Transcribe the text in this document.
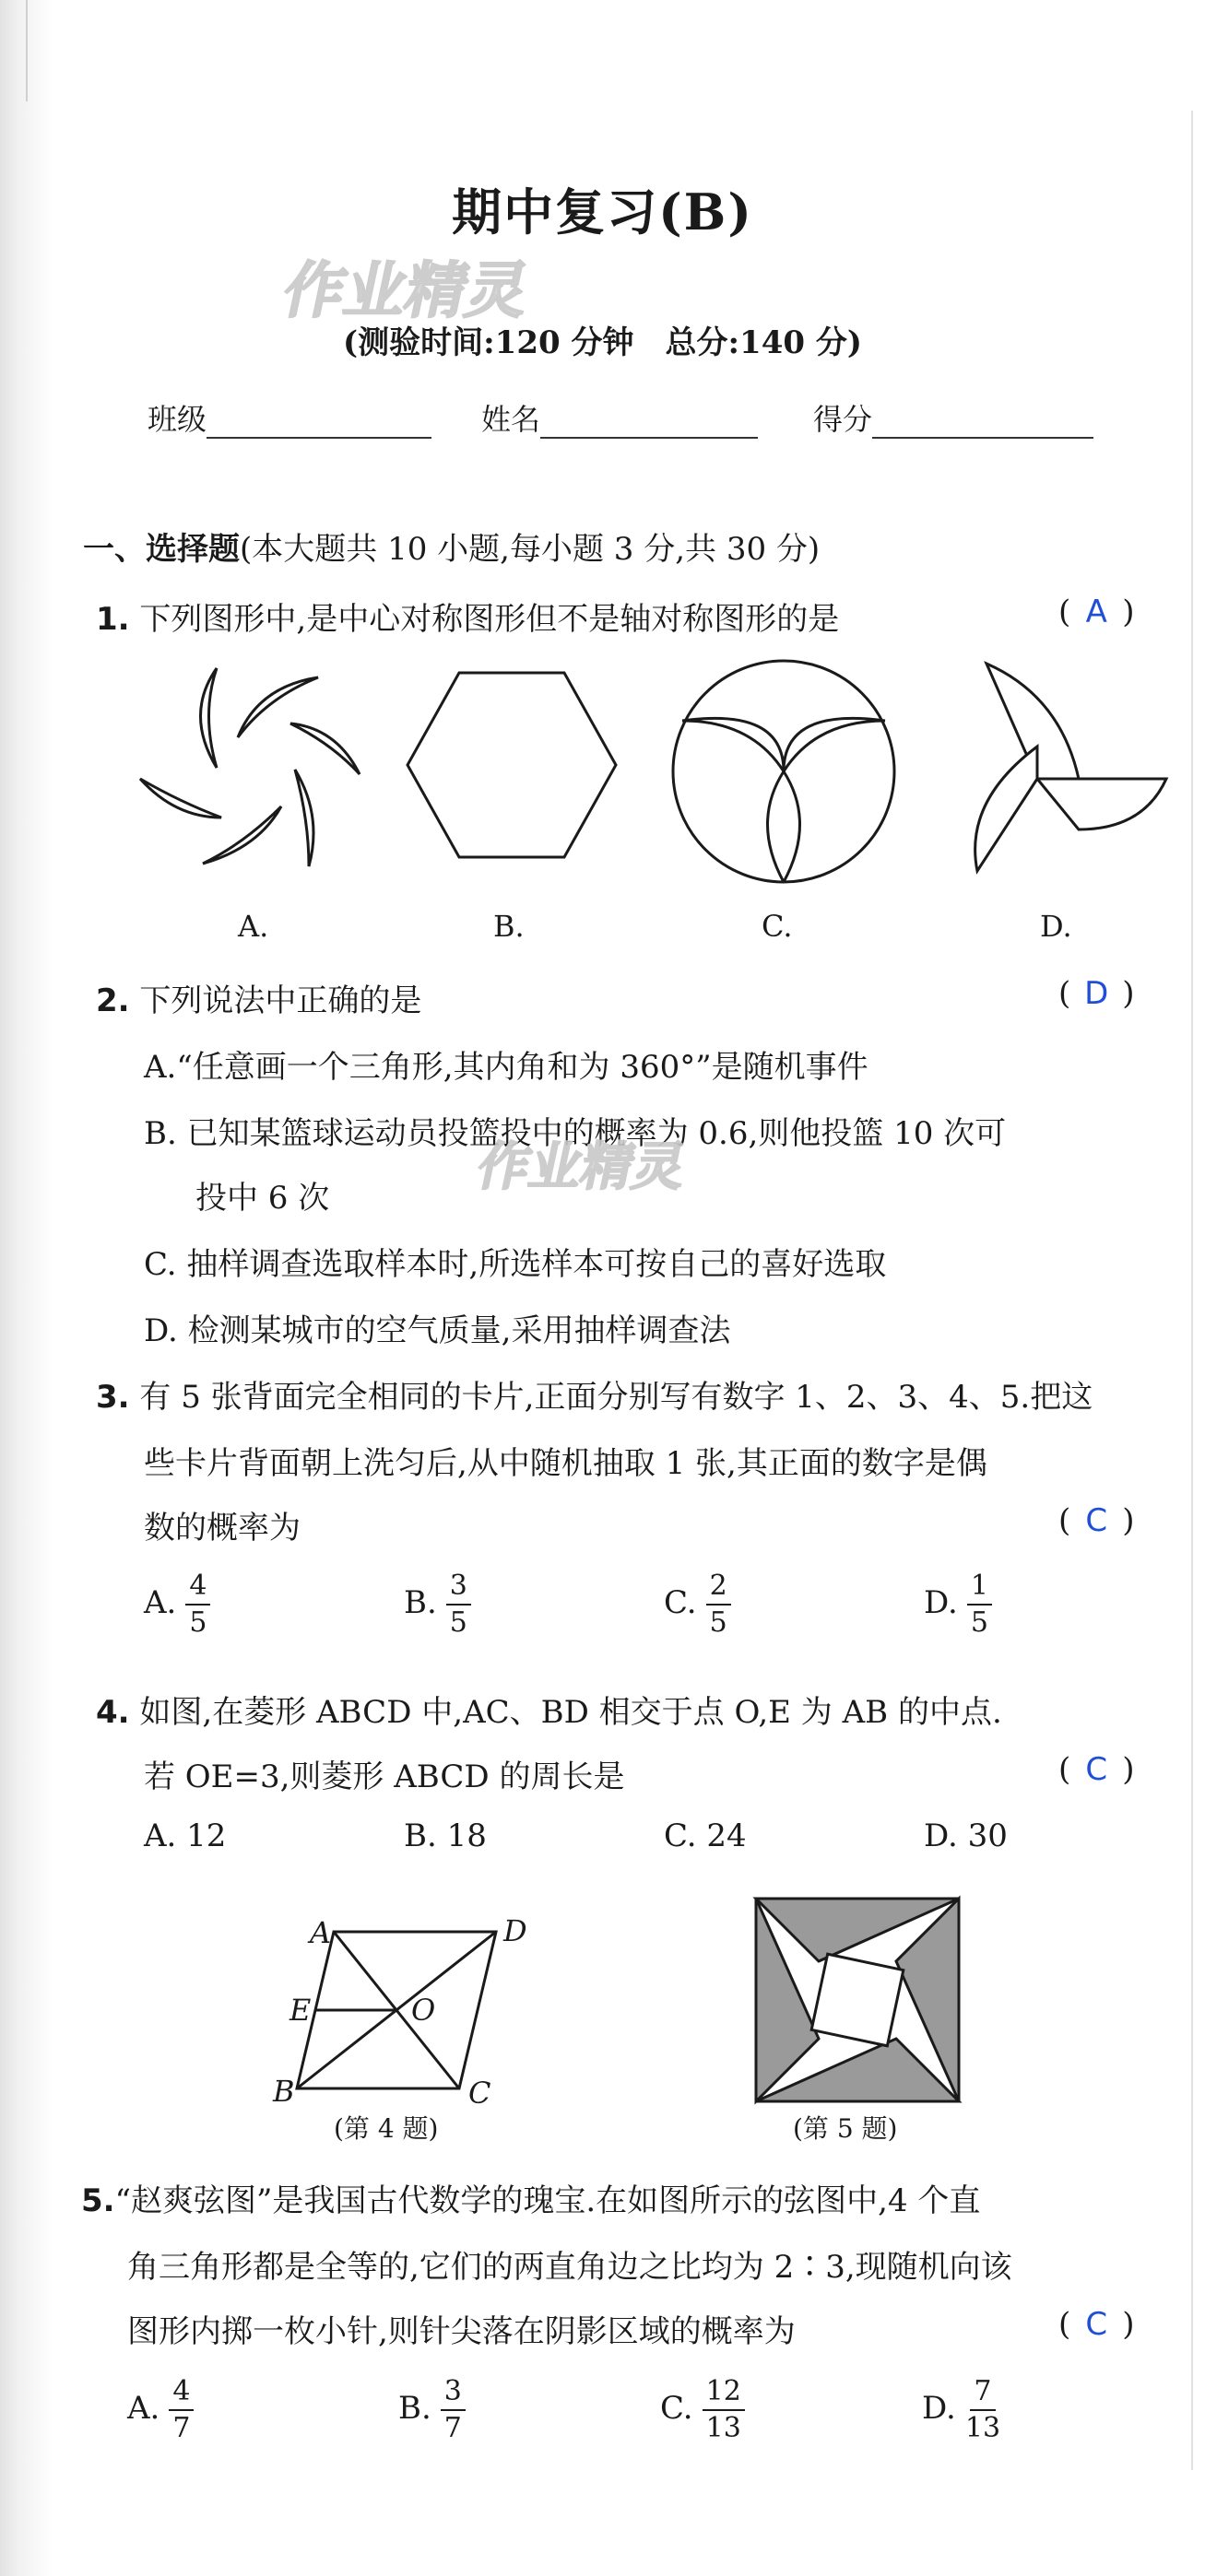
期中复习(B)
作业精灵
(测验时间:120 分钟　总分:140 分)
班级	姓名	得分
一、选择题(本大题共 10 小题,每小题 3 分,共 30 分)
1. 下列图形中,是中心对称图形但不是轴对称图形的是	( A )
A.	B.	C.	D.
2. 下列说法中正确的是	( D )
A.“任意画一个三角形,其内角和为 360°”是随机事件
B. 已知某篮球运动员投篮投中的概率为 0.6,则他投篮 10 次可
投中 6 次
作业精灵
C. 抽样调查选取样本时,所选样本可按自己的喜好选取
D. 检测某城市的空气质量,采用抽样调查法
3. 有 5 张背面完全相同的卡片,正面分别写有数字 1、2、3、4、5.把这
些卡片背面朝上洗匀后,从中随机抽取 1 张,其正面的数字是偶
数的概率为	( C )
A. $\frac{4}{5}$	B. $\frac{3}{5}$	C. $\frac{2}{5}$	D. $\frac{1}{5}$
4. 如图,在菱形 ABCD 中,AC、BD 相交于点 O,E 为 AB 的中点.
若 OE=3,则菱形 ABCD 的周长是	( C )
A. 12	B. 18	C. 24	D. 30
A	D
E	O
B	C
(第 4 题)	(第 5 题)
5.“赵爽弦图”是我国古代数学的瑰宝.在如图所示的弦图中,4 个直
角三角形都是全等的,它们的两直角边之比均为 2∶3,现随机向该
图形内掷一枚小针,则针尖落在阴影区域的概率为	( C )
A. $\frac{4}{7}$	B. $\frac{3}{7}$	C. $\frac{12}{13}$	D. $\frac{7}{13}$
